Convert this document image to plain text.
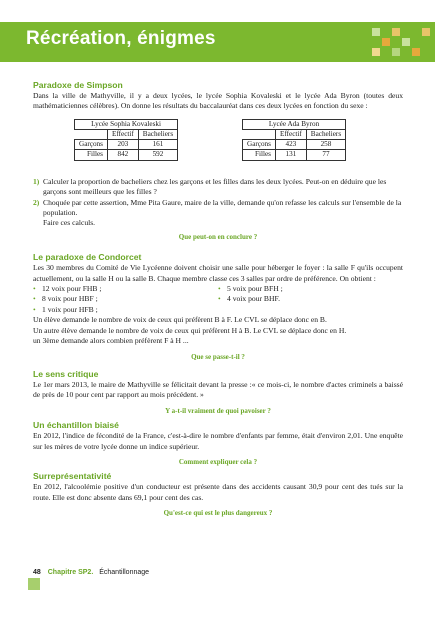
Récréation, énigmes
Paradoxe de Simpson

Dans la ville de Mathyville, il y a deux lycées, le lycée Sophia Kovaleski et le lycée Ada Byron (toutes deux mathématiciennes célèbres). On donne les résultats du baccalauréat dans ces deux lycées en fonction du sexe :

Lycée Sophia Kovaleski		
	Effectif	Bacheliers
Garçons	203	161
Filles	842	592
Lycée Ada Byron		
	Effectif	Bacheliers
Garçons	423	258
Filles	131	77
1) Calculer la proportion de bacheliers chez les garçons et les filles dans les deux lycées. Peut-on en déduire que les garçons sont meilleurs que les filles ?
2) Choquée par cette assertion, Mme Pita Gaure, maire de la ville, demande qu'on refasse les calculs sur l'ensemble de la population.
Faire ces calculs.

Que peut-on en conclure ?

Le paradoxe de Condorcet

Les 30 membres du Comité de Vie Lycéenne doivent choisir une salle pour héberger le foyer : la salle F qu'ils occupent actuellement, ou la salle H ou la salle B. Chaque membre classe ces 3 salles par ordre de préférence. On obtient :

• 12 voix pour FHB ;	• 5 voix pour BFH ;
• 8 voix pour HBF ;	• 4 voix pour BHF.
• 1 voix pour HFB ;

Un élève demande le nombre de voix de ceux qui préfèrent B à F. Le CVL se déplace donc en B.

Un autre élève demande le nombre de voix de ceux qui préfèrent H à B. Le CVL se déplace donc en H.

un 3ème demande alors combien préfèrent F à H ...

Que se passe-t-il ?

Le sens critique

Le 1er mars 2013, le maire de Mathyville se félicitait devant la presse :« ce mois-ci, le nombre d'actes criminels a baissé de près de 10 pour cent par rapport au mois précédent. »

Y a-t-il vraiment de quoi pavoiser ?

Un échantillon biaisé

En 2012, l'indice de fécondité de la France, c'est-à-dire le nombre d'enfants par femme, était d'environ 2,01. Une enquête sur les mères de votre lycée donne un indice supérieur.

Comment expliquer cela ?

Surreprésentativité

En 2012, l'alcoolémie positive d'un conducteur est présente dans des accidents causant 30,9 pour cent des tués sur la route. Elle est donc absente dans 69,1 pour cent des cas.

Qu'est-ce qui est le plus dangereux ?

48 Chapitre SP2. Échantillonnage
